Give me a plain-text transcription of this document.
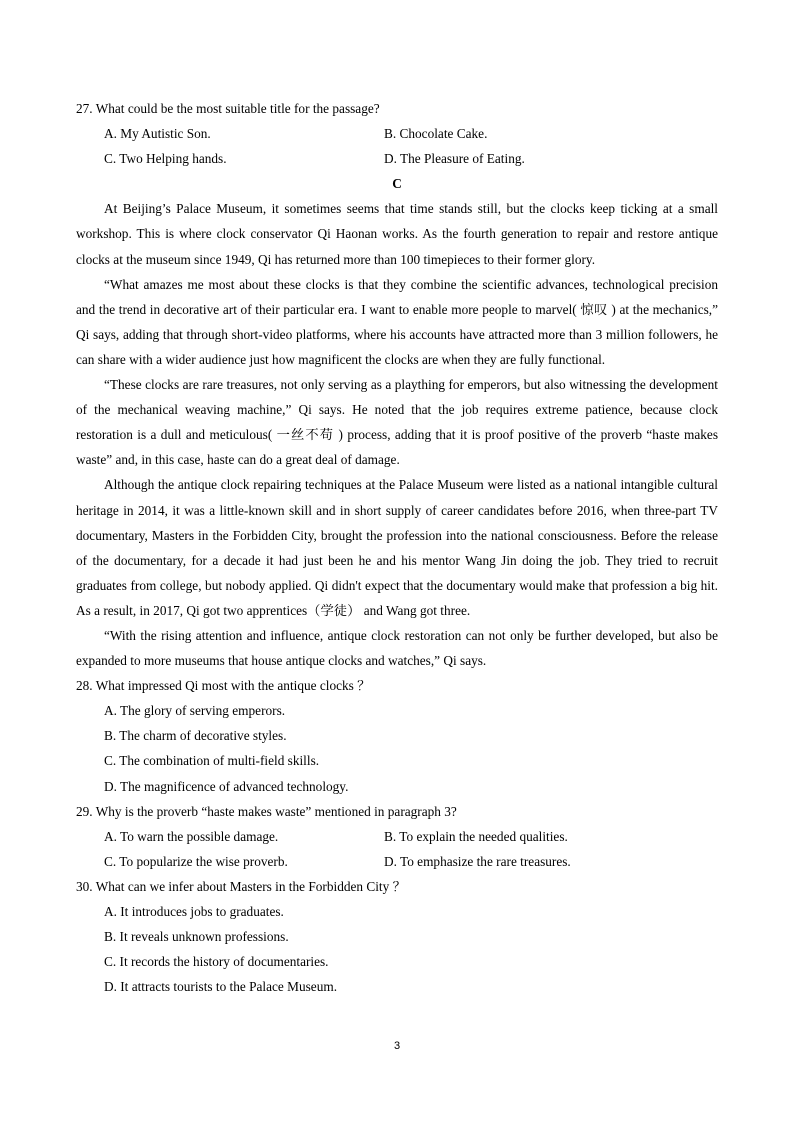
27. What could be the most suitable title for the passage?

A. My Autistic Son.	B. Chocolate Cake.
C. Two Helping hands.	D. The Pleasure of Eating.

C

At Beijing’s Palace Museum, it sometimes seems that time stands still, but the clocks keep ticking at a small workshop. This is where clock conservator Qi Haonan works. As the fourth generation to repair and restore antique clocks at the museum since 1949, Qi has returned more than 100 timepieces to their former glory.

“What amazes me most about these clocks is that they combine the scientific advances, technological precision and the trend in decorative art of their particular era. I want to enable more people to marvel( 惊叹 ) at the mechanics,” Qi says, adding that through short-video platforms, where his accounts have attracted more than 3 million followers, he can share with a wider audience just how magnificent the clocks are when they are fully functional.

“These clocks are rare treasures, not only serving as a plaything for emperors, but also witnessing the development of the mechanical weaving machine,” Qi says. He noted that the job requires extreme patience, because clock restoration is a dull and meticulous( 一丝不苟 ) process, adding that it is proof positive of the proverb “haste makes waste” and, in this case, haste can do a great deal of damage.

Although the antique clock repairing techniques at the Palace Museum were listed as a national intangible cultural heritage in 2014, it was a little-known skill and in short supply of career candidates before 2016, when three-part TV documentary, Masters in the Forbidden City, brought the profession into the national consciousness. Before the release of the documentary, for a decade it had just been he and his mentor Wang Jin doing the job. They tried to recruit graduates from college, but nobody applied. Qi didn't expect that the documentary would make that profession a big hit. As a result, in 2017, Qi got two apprentices（学徒） and Wang got three.

“With the rising attention and influence, antique clock restoration can not only be further developed, but also be expanded to more museums that house antique clocks and watches,” Qi says.

28. What impressed Qi most with the antique clocks ？

A. The glory of serving emperors.
B. The charm of decorative styles.
C. The combination of multi-field skills.
D. The magnificence of advanced technology.

29. Why is the proverb “haste makes waste” mentioned in paragraph 3?

A. To warn the possible damage.	B. To explain the needed qualities.
C. To popularize the wise proverb.	D. To emphasize the rare treasures.

30. What can we infer about Masters in the Forbidden City ？

A. It introduces jobs to graduates.
B. It reveals unknown professions.
C. It records the history of documentaries.
D. It attracts tourists to the Palace Museum.
3
